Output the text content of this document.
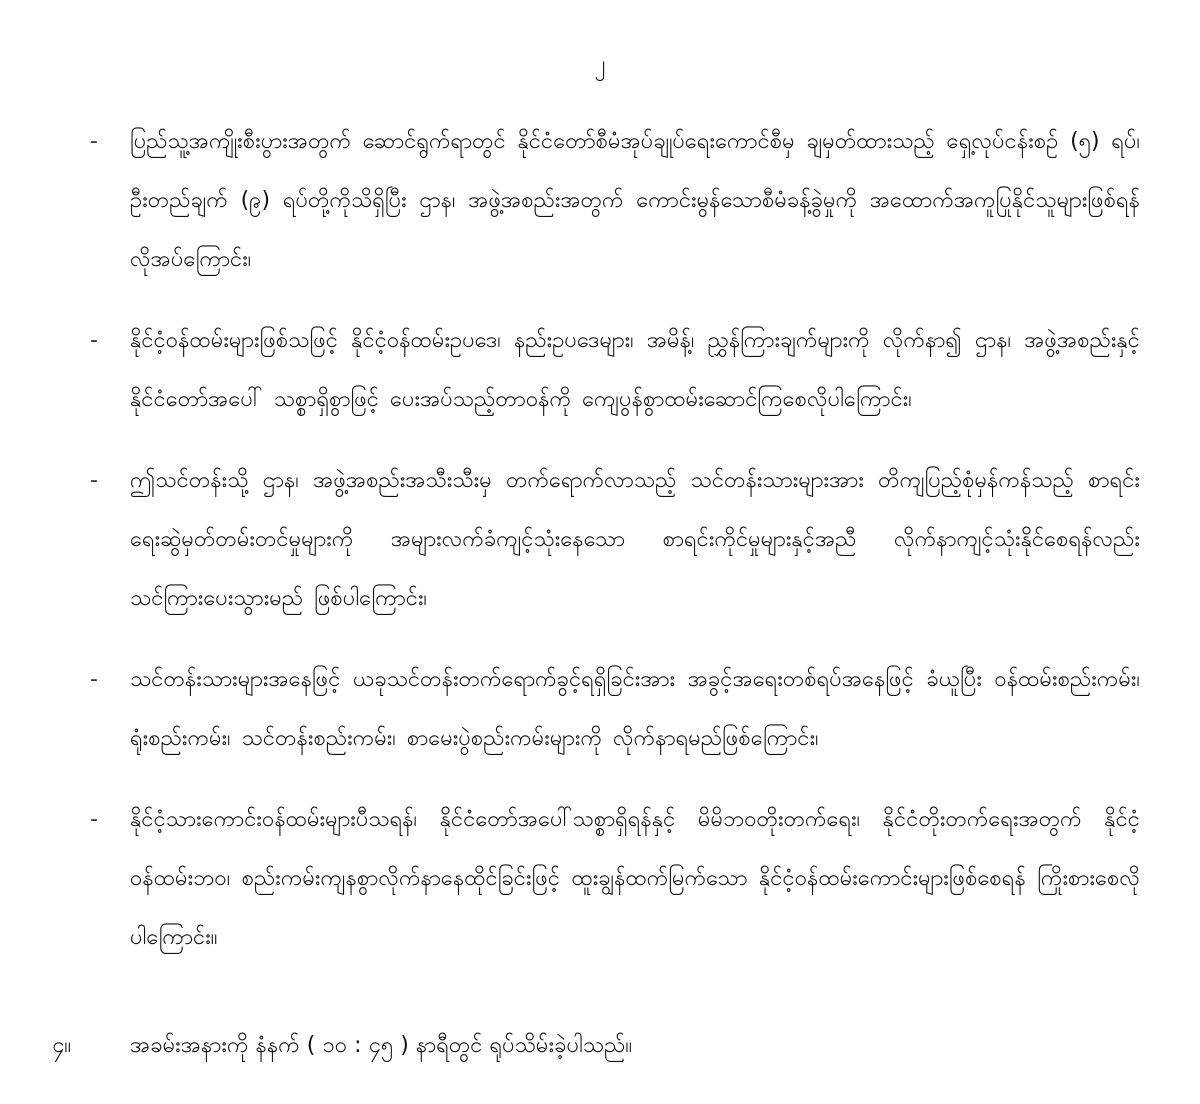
၂
- ပြည်သူ့အကျိုးစီးပွားအတွက် ဆောင်ရွက်ရာတွင် နိုင်ငံတော်စီမံအုပ်ချုပ်ရေးကောင်စီမှ ချမှတ်ထားသည့် ရှေ့လုပ်ငန်းစဉ် (၅) ရပ်၊ ဦးတည်ချက် (၉) ရပ်တို့ကိုသိရှိပြီး ဌာန၊ အဖွဲ့အစည်းအတွက် ကောင်းမွန်သောစီမံခန့်ခွဲမှုကို အထောက်အကူပြုနိုင်သူများဖြစ်ရန် လိုအပ်ကြောင်း၊
- နိုင်ငံ့ဝန်ထမ်းများဖြစ်သဖြင့် နိုင်ငံ့ဝန်ထမ်းဥပဒေ၊ နည်းဥပဒေများ၊ အမိန့်၊ ညွှန်ကြားချက်များကို လိုက်နာ၍ ဌာန၊ အဖွဲ့အစည်းနှင့် နိုင်ငံတော်အပေါ် သစ္စာရှိစွာဖြင့် ပေးအပ်သည့်တာဝန်ကို ကျေပွန်စွာထမ်းဆောင်ကြစေလိုပါကြောင်း၊
- ဤသင်တန်းသို့ ဌာန၊ အဖွဲ့အစည်းအသီးသီးမှ တက်ရောက်လာသည့် သင်တန်းသားများအား တိကျပြည့်စုံမှန်ကန်သည့် စာရင်းရေးဆွဲမှတ်တမ်းတင်မှုများကို အများလက်ခံကျင့်သုံးနေသော စာရင်းကိုင်မှုများနှင့်အညီ လိုက်နာကျင့်သုံးနိုင်စေရန်လည်း သင်ကြားပေးသွားမည် ဖြစ်ပါကြောင်း၊
- သင်တန်းသားများအနေဖြင့် ယခုသင်တန်းတက်ရောက်ခွင့်ရရှိခြင်းအား အခွင့်အရေးတစ်ရပ်အနေဖြင့် ခံယူပြီး ဝန်ထမ်းစည်းကမ်း၊ ရုံးစည်းကမ်း၊ သင်တန်းစည်းကမ်း၊ စာမေးပွဲစည်းကမ်းများကို လိုက်နာရမည်ဖြစ်ကြောင်း၊
- နိုင်ငံ့သားကောင်းဝန်ထမ်းများပီသရန်၊ နိုင်ငံတော်အပေါ်သစ္စာရှိရန်နှင့် မိမိဘဝတိုးတက်ရေး၊ နိုင်ငံတိုးတက်ရေးအတွက် နိုင်ငံ့ဝန်ထမ်းဘဝ၊ စည်းကမ်းကျနစွာလိုက်နာနေထိုင်ခြင်းဖြင့် ထူးချွန်ထက်မြက်သော နိုင်ငံ့ဝန်ထမ်းကောင်းများဖြစ်စေရန် ကြိုးစားစေလိုပါကြောင်း။
၄။	အခမ်းအနားကို နံနက် ( ၁၀ : ၄၅ ) နာရီတွင် ရုပ်သိမ်းခဲ့ပါသည်။
